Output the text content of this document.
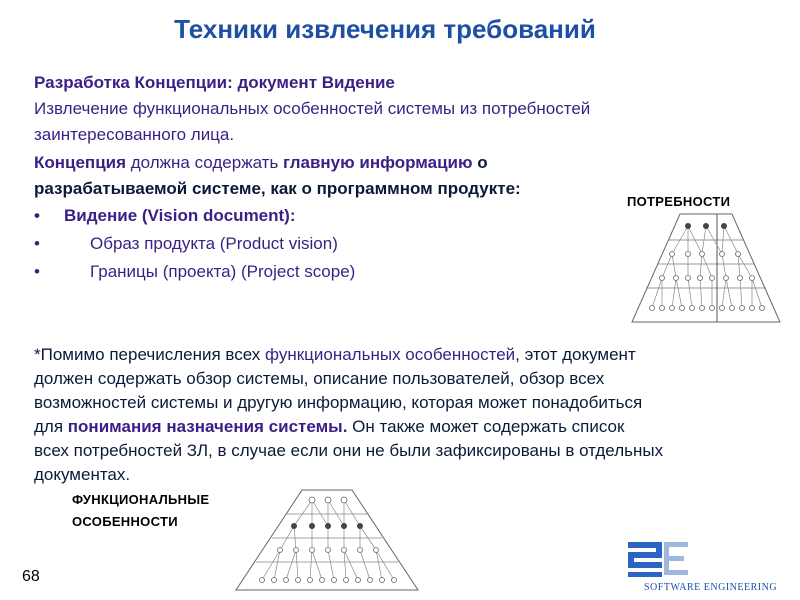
Техники извлечения требований
Разработка Концепции: документ Видение
Извлечение функциональных особенностей системы из потребностей
заинтересованного лица.
Концепция должна содержать главную информацию о
разрабатываемой системе, как о программном продукте:
• Видение (Vision document):
•	Образ продукта (Product vision)
•	Границы (проекта) (Project scope)
ПОТРЕБНОСТИ
*Помимо перечисления всех функциональных особенностей, этот документ
должен содержать обзор системы, описание пользователей, обзор всех
возможностей системы и другую информацию, которая может понадобиться
для понимания назначения системы. Он также может содержать список
всех потребностей ЗЛ, в случае если они не были зафиксированы в отдельных
документах.
ФУНКЦИОНАЛЬНЫЕ
ОСОБЕННОСТИ
68
SOFTWARE ENGINEERING
